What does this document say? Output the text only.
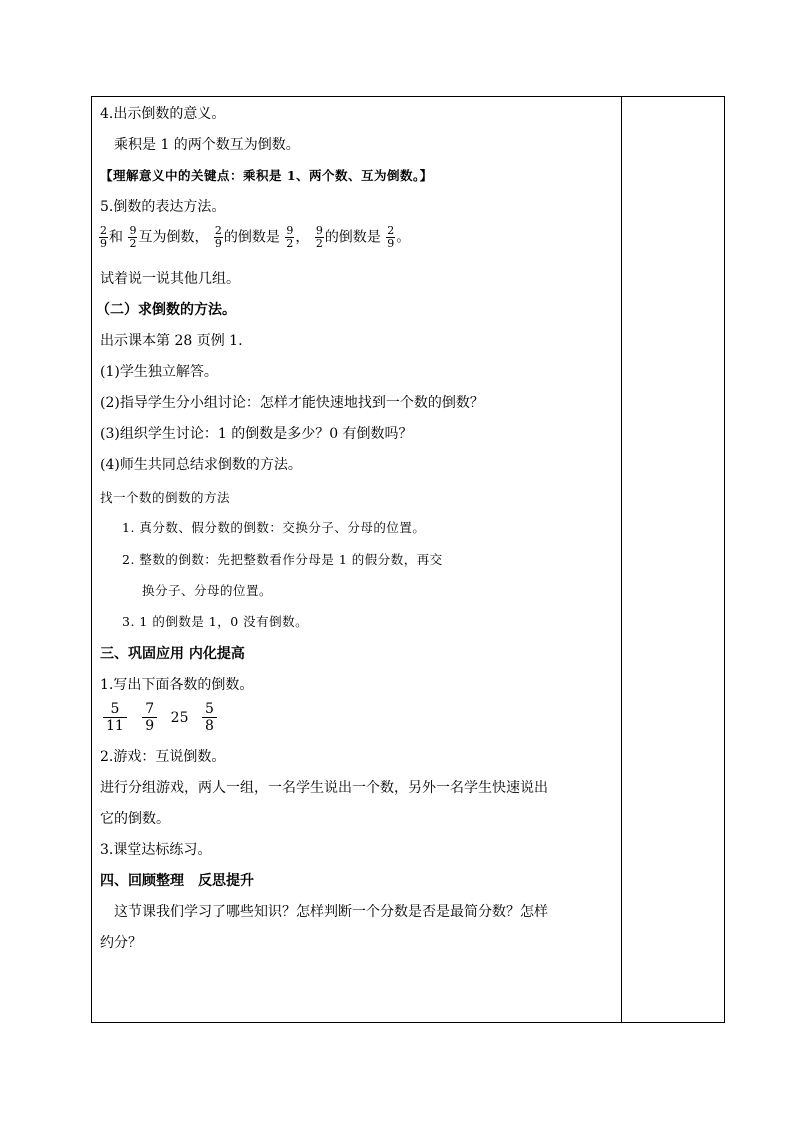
4.出示倒数的意义。
乘积是 1 的两个数互为倒数。
【理解意义中的关键点：乘积是 1、两个数、互为倒数。】
5.倒数的表达方法。
$\frac{2}{9}$ 和 $\frac{9}{2}$ 互为倒数， $\frac{2}{9}$ 的倒数是 $\frac{9}{2}$ ， $\frac{9}{2}$ 的倒数是 $\frac{2}{9}$ 。
试着说一说其他几组。
（二）求倒数的方法。
出示课本第 28 页例 1.
(1)学生独立解答。
(2)指导学生分小组讨论：怎样才能快速地找到一个数的倒数？
(3)组织学生讨论：1 的倒数是多少？0 有倒数吗？
(4)师生共同总结求倒数的方法。
找一个数的倒数的方法
1. 真分数、假分数的倒数：交换分子、分母的位置。
2. 整数的倒数：先把整数看作分母是 1 的假分数，再交
换分子、分母的位置。
3. 1 的倒数是 1，0 没有倒数。
三、巩固应用 内化提高
1.写出下面各数的倒数。
$\frac{5}{11}$
$\frac{7}{9} 25 \frac{5}{8}$
2.游戏：互说倒数。
进行分组游戏，两人一组，一名学生说出一个数，另外一名学生快速说出
它的倒数。
3.课堂达标练习。
四、回顾整理　反思提升
这节课我们学习了哪些知识？怎样判断一个分数是否是最简分数？怎样
约分？
